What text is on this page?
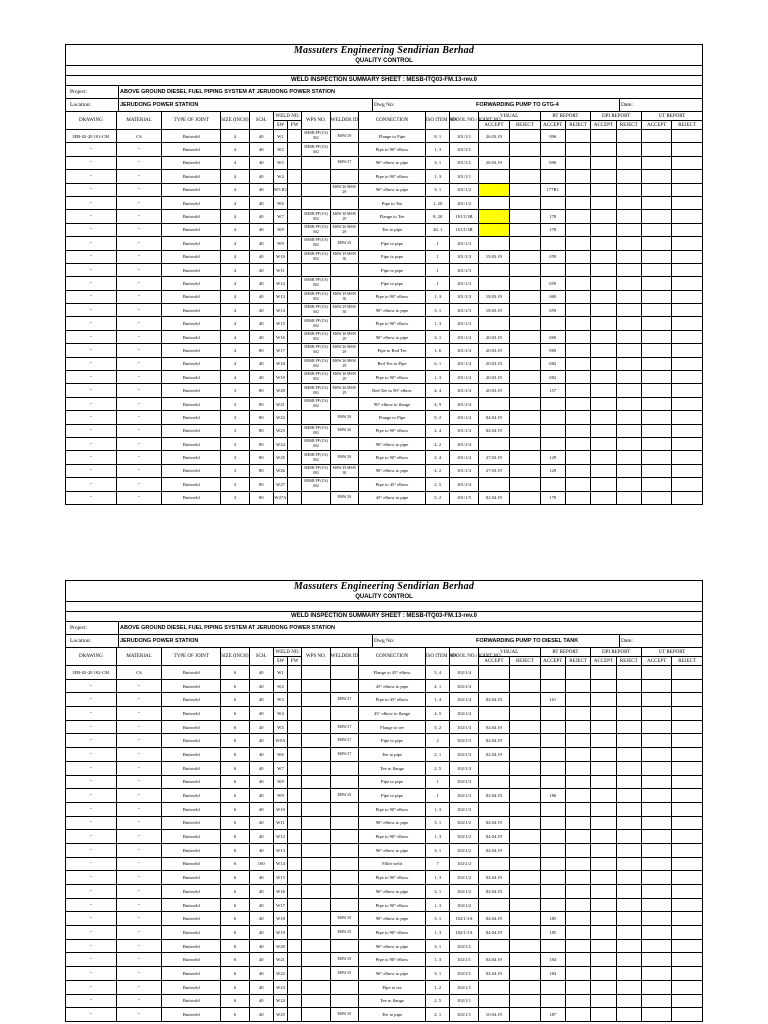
Massuters Engineering Sendirian Berhad
QUALITY CONTROL
WELD INSPECTION SUMMARY SHEET : MESB-ITQ03-FM.13-rev.0
Project:	ABOVE GROUND DIESEL FUEL PIPING SYSTEM AT JERUDONG POWER STATION
Location:	JERUDONG POWER STATION	Dwg No:	FORWARDING PUMP TO GTG-4	Date:
DRAWING	MATERIAL	TYPE OF JOINT	SIZE (INCH)	SCH.	WELD NO.		WPS NO.	WELDER ID	CONNECTION	ISO ITEM NO.	SPOOL NO./ JOINT NO.	VISUAL		RT REPORT		DPI REPORT		UT REPORT	
					SW	FW						ACCEPT	REJECT	ACCEPT	REJECT	ACCEPT	REJECT	ACCEPT	REJECT
JER-02-20 101-CM	CS	Buttweld	4	40	W1		MESB PP (CS) 002	MSW 29	Flange to Pipe	8, 1	101/1/1	26.03.19		096					
"	"	Buttweld	4	40	W2		MESB PP (CS) 002		Pipe to 90° elbow	1, 3	101/1/1								
"	"	Buttweld	4	40	W3			MSW 27	90° elbow to pipe	3, 1	101/1/1	26.03.19		096					
"	"	Buttweld	4	40	W4				Pipe to 90° elbow	1, 3	101/1/1								
"	"	Buttweld	4	40	W5 R1			MSW 26 MSW 29	90° elbow to pipe	3, 1	101/1/2			177R1					
"	"	Buttweld	4	40	W6				Pipe to Tee	1, 20	101/1/2								
"	"	Buttweld	4	40	W7		MESB PP (CS) 002	MSW 30 MSW 29	Flange to Tee	8, 20	101/1/3B			178					
"	"	Buttweld	4	40	W8		MESB PP (CS) 002	MSW 26 MSW 29	Tee to pipe	20, 1	101/1/3B			178					
"	"	Buttweld	4	40	W9		MESB PP (CS) 002	MSW 29	Pipe to pipe	1	101/1/3								
"	"	Buttweld	4	40	W10		MESB PP (CS) 002	MSW 29 MSW 30	Pipe to pipe	1	101/1/3	19.03.19		059					
"	"	Buttweld	4	40	W11				Pipe to pipe	1	101/1/3								
"	"	Buttweld	4	40	W12		MESB PP (CS) 002		Pipe to pipe	1	101/1/3			059					
"	"	Buttweld	4	40	W13		MESB PP (CS) 002	MSW 29 MSW 30	Pipe to 90° elbow	1, 3	101/1/3	18.03.19		069					
"	"	Buttweld	4	40	W14		MESB PP (CS) 002	MSW 29 MSW 30	90° elbow to pipe	3, 1	101/1/3	18.03.19		059					
"	"	Buttweld	4	40	W15		MESB PP (CS) 002		Pipe to 90° elbow	1, 3	101/1/3								
"	"	Buttweld	4	40	W16		MESB PP (CS) 002	MSW 26 MSW 29	90° elbow to pipe	3, 1	101/1/4	20.03.19		069					
"	"	Buttweld	4	80	W17		MESB PP (CS) 002	MSW 26 MSW 29	Pipe to Red Tee	1, 6	101/1/4	20.03.19		069					
"	"	Buttweld	4	40	W18		MESB PP (CS) 002	MSW 26 MSW 29	Red Tee to Pipe	6, 1	101/1/4	20.03.19		082					
"	"	Buttweld	4	40	W19		MESB PP (CS) 002	MSW 26 MSW 29	Pipe to 90° elbow	1, 3	101/1/4	20.03.19		082					
"	"	Buttweld	3	80	W20		MESB PP (CS) 002	MSW 26 MSW 29	Red Tee to 90° elbow	4, 4	101/1/4	20.03.19		157					
"	"	Buttweld	3	80	W21		MESB PP (CS) 002		90° elbow to flange	4, 9	101/1/4								
"	"	Buttweld	3	80	W22			MSW 26	Flange to Pipe	9, 2	101/1/4	04.04.19							
"	"	Buttweld	3	80	W23		MESB PP (CS) 002	MSW 26	Pipe to 90° elbow	2, 4	101/1/4	04.04.19							
"	"	Buttweld	3	80	W24		MESB PP (CS) 002		90° elbow to pipe	4, 2	101/1/4								
"	"	Buttweld	3	80	W25		MESB PP (CS) 002	MSW 26	Pipe to 90° elbow	2, 4	101/1/4	27.03.19		129					
"	"	Buttweld	3	80	W26		MESB PP (CS) 002	MSW 29 MSW 30	90° elbow to pipe	4, 2	101/1/4	27.03.19		129					
"	"	Buttweld	3	80	W27		MESB PP (CS) 002		Pipe to 45° elbow	2, 5	101/1/4								
"	"	Buttweld	3	80	W27A			MSW 26	45° elbow to pipe	5, 2	101/1/5	02.04.19		179					
Massuters Engineering Sendirian Berhad
QUALITY CONTROL
WELD INSPECTION SUMMARY SHEET : MESB-ITQ03-FM.13-rev.0
Project:	ABOVE GROUND DIESEL FUEL PIPING SYSTEM AT JERUDONG POWER STATION
Location:	JERUDONG POWER STATION	Dwg No:	FORWARDING PUMP TO DIESEL TANK	Date:
DRAWING	MATERIAL	TYPE OF JOINT	SIZE (INCH)	SCH.	WELD NO.		WPS NO.	WELDER ID	CONNECTION	ISO ITEM NO.	SPOOL NO./ JOINT NO.	VISUAL		RT REPORT		DPI REPORT		UT REPORT	
					SW	FW						ACCEPT	REJECT	ACCEPT	REJECT	ACCEPT	REJECT	ACCEPT	REJECT
JER-02-20 102-CM	CS	Buttweld	6	40	W1				Flange to 45° elbow	5, 4	102/1/4								
"	"	Buttweld	6	40	W2				45° elbow to pipe	4, 1	102/1/4								
"	"	Buttweld	6	40	W3			MSW 27	Pipe to 45° elbow	1, 4	102/1/4	04.04.19		161					
"	"	Buttweld	6	40	W4				45° elbow to flange	4, 5	102/1/4								
"	"	Buttweld	6	40	W5			MSW 27	Flange to tee	5, 2	102/1/3	02.04.19							
"	"	Buttweld	6	40	W5A			MSW 27	Pipe to pipe	2	102/1/3	02.04.19							
"	"	Buttweld	6	40	W6			MSW 27	Tee to pipe	2, 1	102/1/3	02.04.19							
"	"	Buttweld	6	40	W7				Tee to flange	2, 5	102/1/3								
"	"	Buttweld	6	40	W8				Pipe to pipe	1	102/1/3								
"	"	Buttweld	6	40	W9			MSW 29	Pipe to pipe	1	102/1/3	02.04.19		186					
"	"	Buttweld	6	40	W10				Pipe to 90° elbow	1, 3	102/1/3								
"	"	Buttweld	6	40	W11				90° elbow to pipe	3, 1	102/1/2	04.04.19							
"	"	Buttweld	6	40	W12				Pipe to 90° elbow	1, 3	102/1/2	04.04.19							
"	"	Buttweld	6	40	W13				90° elbow to pipe	3, 1	102/1/2	04.04.19							
"	"	Buttweld	6	160	W14				Fillet weld	7	102/1/2								
"	"	Buttweld	6	40	W15				Pipe to 90° elbow	1, 3	102/1/2	04.04.19							
"	"	Buttweld	6	40	W16				90° elbow to pipe	3, 1	102/1/2	04.04.19							
"	"	Buttweld	6	40	W17				Pipe to 90° elbow	1, 3	102/1/2								
"	"	Buttweld	6	40	W18			MSW 29	90° elbow to pipe	3, 1	102/1/1A	04.04.19		185					
"	"	Buttweld	6	40	W19			MSW 29	Pipe to 90° elbow	1, 3	102/1/1A	04.04.19		185					
"	"	Buttweld	6	40	W20				90° elbow to pipe	3, 1	102/1/1								
"	"	Buttweld	6	40	W21			MSW 29	Pipe to 90° elbow	1, 3	102/1/1	04.04.19		184					
"	"	Buttweld	6	40	W22			MSW 29	90° elbow to pipe	3, 1	102/1/1	04.04.19		184					
"	"	Buttweld	6	40	W23				Pipe to tee	1, 2	102/1/1								
"	"	Buttweld	6	40	W24				Tee to flange	2, 5	102/1/1								
"	"	Buttweld	6	40	W25			MSW 29	Tee to pipe	2, 1	102/1/1	10.04.19		187					
